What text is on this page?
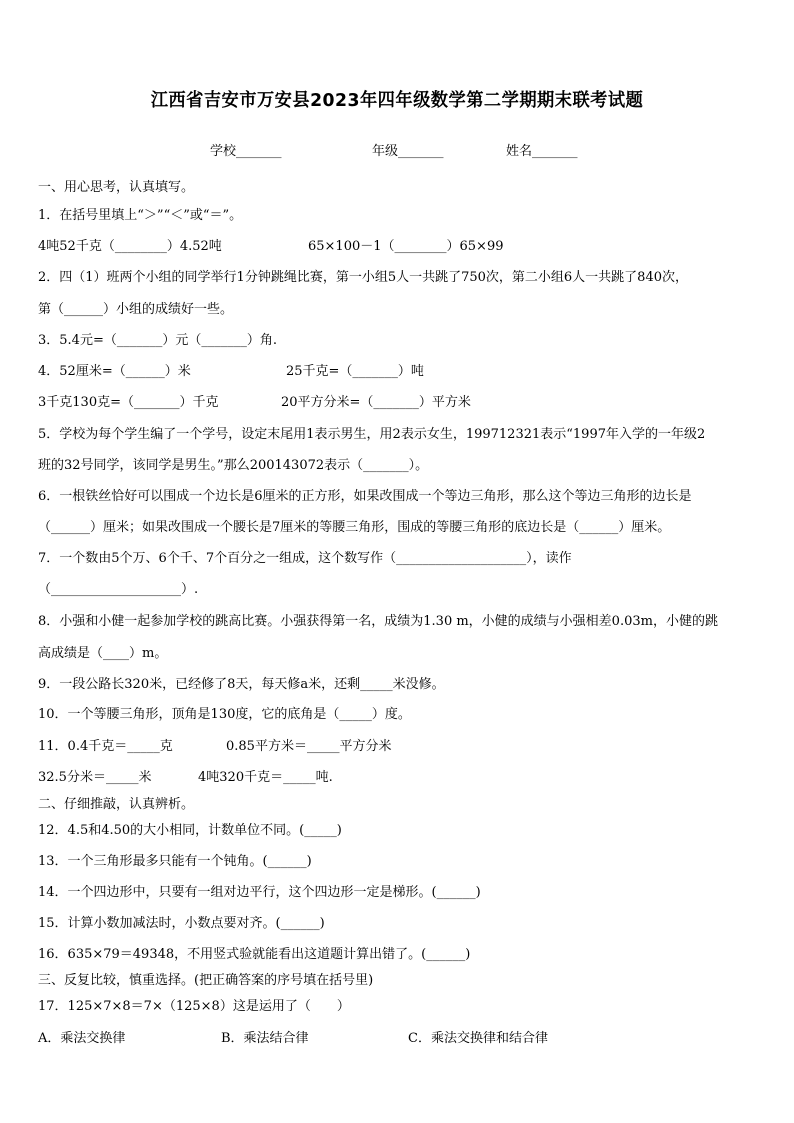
江西省吉安市万安县2023年四年级数学第二学期期末联考试题
学校_______	年级_______	姓名_______
一、用心思考，认真填写。
1．在括号里填上“＞”“＜”或“＝”。
4吨52千克（________）4.52吨	65×100－1（________）65×99
2．四（1）班两个小组的同学举行1分钟跳绳比赛，第一小组5人一共跳了750次，第二小组6人一共跳了840次，
第（______）小组的成绩好一些。
3．5.4元=（_______）元（_______）角.
4．52厘米=（______）米	25千克=（_______）吨
3千克130克=（_______）千克	20平方分米=（_______）平方米
5．学校为每个学生编了一个学号，设定末尾用1表示男生，用2表示女生，199712321表示“1997年入学的一年级2
班的32号同学，该同学是男生。”那么200143072表示（_______）。
6．一根铁丝恰好可以围成一个边长是6厘米的正方形，如果改围成一个等边三角形，那么这个等边三角形的边长是
（______）厘米；如果改围成一个腰长是7厘米的等腰三角形，围成的等腰三角形的底边长是（______）厘米。
7．一个数由5个万、6个千、7个百分之一组成，这个数写作（____________________），读作
（____________________）.
8．小强和小健一起参加学校的跳高比赛。小强获得第一名，成绩为1.30 m，小健的成绩与小强相差0.03m，小健的跳
高成绩是（____）m。
9．一段公路长320米，已经修了8天，每天修a米，还剩_____米没修。
10．一个等腰三角形，顶角是130度，它的底角是（_____）度。
11．0.4千克＝_____克	0.85平方米＝_____平方分米
32.5分米＝_____米	4吨320千克＝_____吨.
二、仔细推敲，认真辨析。
12．4.5和4.50的大小相同，计数单位不同。(_____)
13．一个三角形最多只能有一个钝角。(______)
14．一个四边形中，只要有一组对边平行，这个四边形一定是梯形。(______)
15．计算小数加减法时，小数点要对齐。(______)
16．635×79＝49348，不用竖式验就能看出这道题计算出错了。(______)
三、反复比较，慎重选择。(把正确答案的序号填在括号里)
17．125×7×8＝7×（125×8）这是运用了（　　）
A．乘法交换律	B．乘法结合律	C．乘法交换律和结合律
